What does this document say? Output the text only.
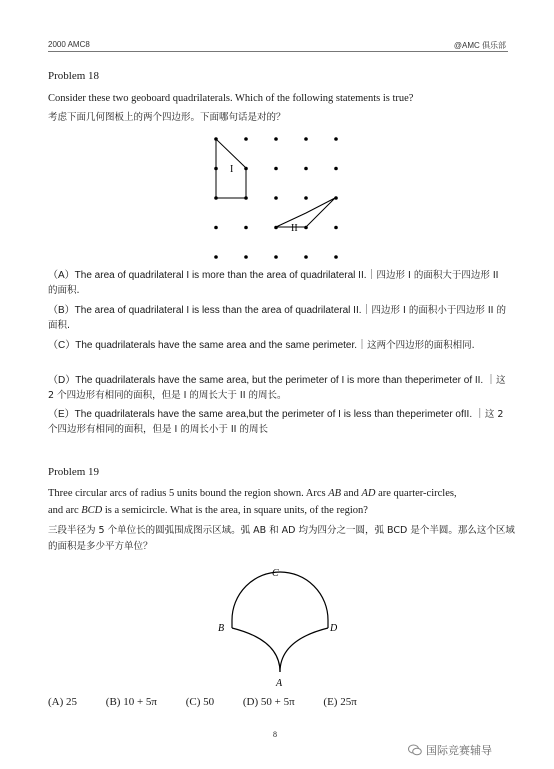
2000 AMC8	@AMC 俱乐部
Problem 18
Consider these two geoboard quadrilaterals. Which of the following statements is true?
考虑下面几何图板上的两个四边形。下面哪句话是对的？
I
II
（A）The area of quadrilateral I is more than the area of quadrilateral II.｜四边形 I 的面积大于四边形 II 的面积.
（B）The area of quadrilateral I is less than the area of quadrilateral II.｜四边形 I 的面积小于四边形 II 的面积.
（C）The quadrilaterals have the same area and the same perimeter.｜这两个四边形的面积相同.
（D）The quadrilaterals have the same area, but the perimeter of I is more than theperimeter of II. ｜这 2 个四边形有相同的面积，但是 I 的周长大于 II 的周长。
（E）The quadrilaterals have the same area,but the perimeter of I is less than theperimeter ofII. ｜这 2 个四边形有相同的面积，但是 I 的周长小于 II 的周长
Problem 19
Three circular arcs of radius 5 units bound the region shown. Arcs AB and AD are quarter-circles,
and arc BCD is a semicircle. What is the area, in square units, of the region?
三段半径为 5 个单位长的圆弧围成图示区域。弧 AB 和 AD 均为四分之一圆，弧 BCD 是个半圆。那么这个区域的面积是多少平方单位？
C
B	D
A
(A) 25	(B) 10 + 5π	(C) 50	(D) 50 + 5π	(E) 25π
8
国际竞赛辅导
